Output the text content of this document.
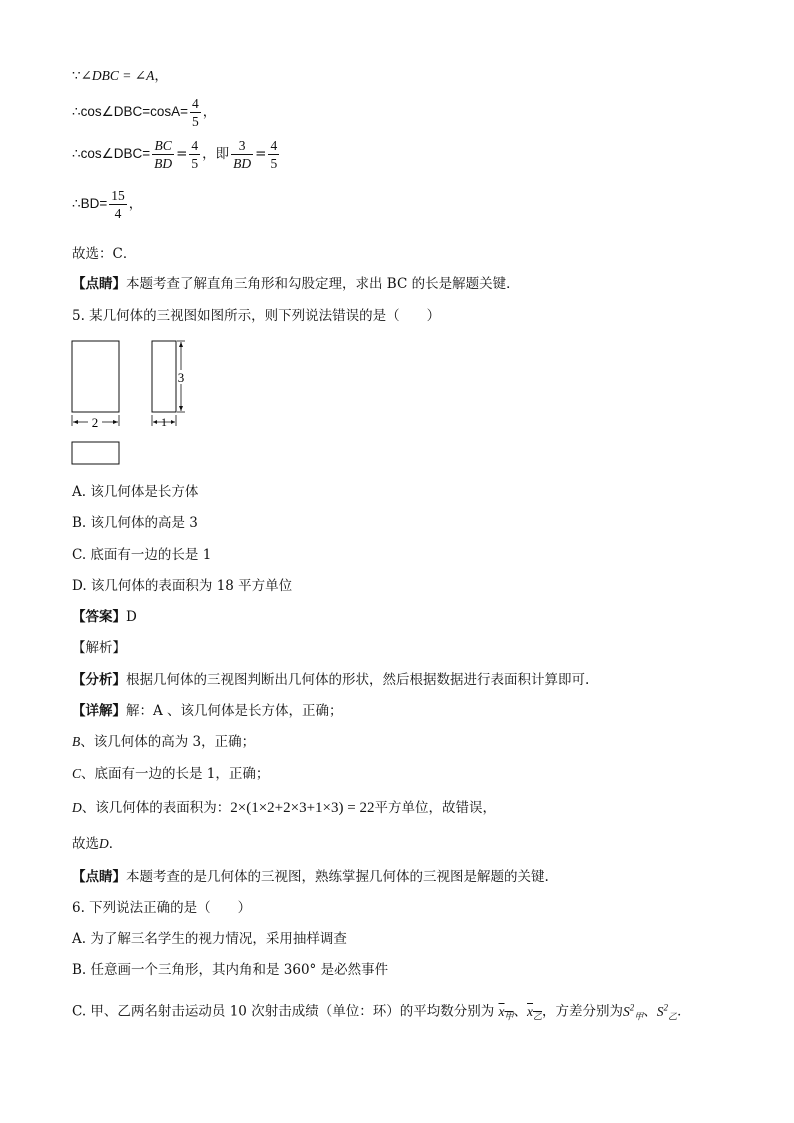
∵∠DBC = ∠A，
∴cos∠DBC=cosA= $\frac{4}{5}$ ，
∴cos∠DBC= $\frac{BC}{BD} = \frac{4}{5}$ ，即 $\frac{3}{BD} = \frac{4}{5}$
∴BD= $\frac{15}{4}$ ，
故选：C．
【点睛】本题考查了解直角三角形和勾股定理，求出 BC 的长是解题关键．
5. 某几何体的三视图如图所示，则下列说法错误的是（　　）
2
3
1
A. 该几何体是长方体
B. 该几何体的高是 3
C. 底面有一边的长是 1
D. 该几何体的表面积为 18 平方单位
【答案】D
【解析】
【分析】根据几何体的三视图判断出几何体的形状，然后根据数据进行表面积计算即可.
【详解】解：A 、该几何体是长方体，正确；
B、该几何体的高为 3，正确；
C、底面有一边的长是 1，正确；
D、该几何体的表面积为：2×(1×2+2×3+1×3) = 22平方单位，故错误，
故选D．
【点睛】本题考查的是几何体的三视图，熟练掌握几何体的三视图是解题的关键.
6. 下列说法正确的是（　　）
A. 为了解三名学生的视力情况，采用抽样调查
B. 任意画一个三角形，其内角和是 360° 是必然事件
C. 甲、乙两名射击运动员 10 次射击成绩（单位：环）的平均数分别为 $x_甲$、$x_乙$，方差分别为$S^2_甲$、$S^2_乙$．
